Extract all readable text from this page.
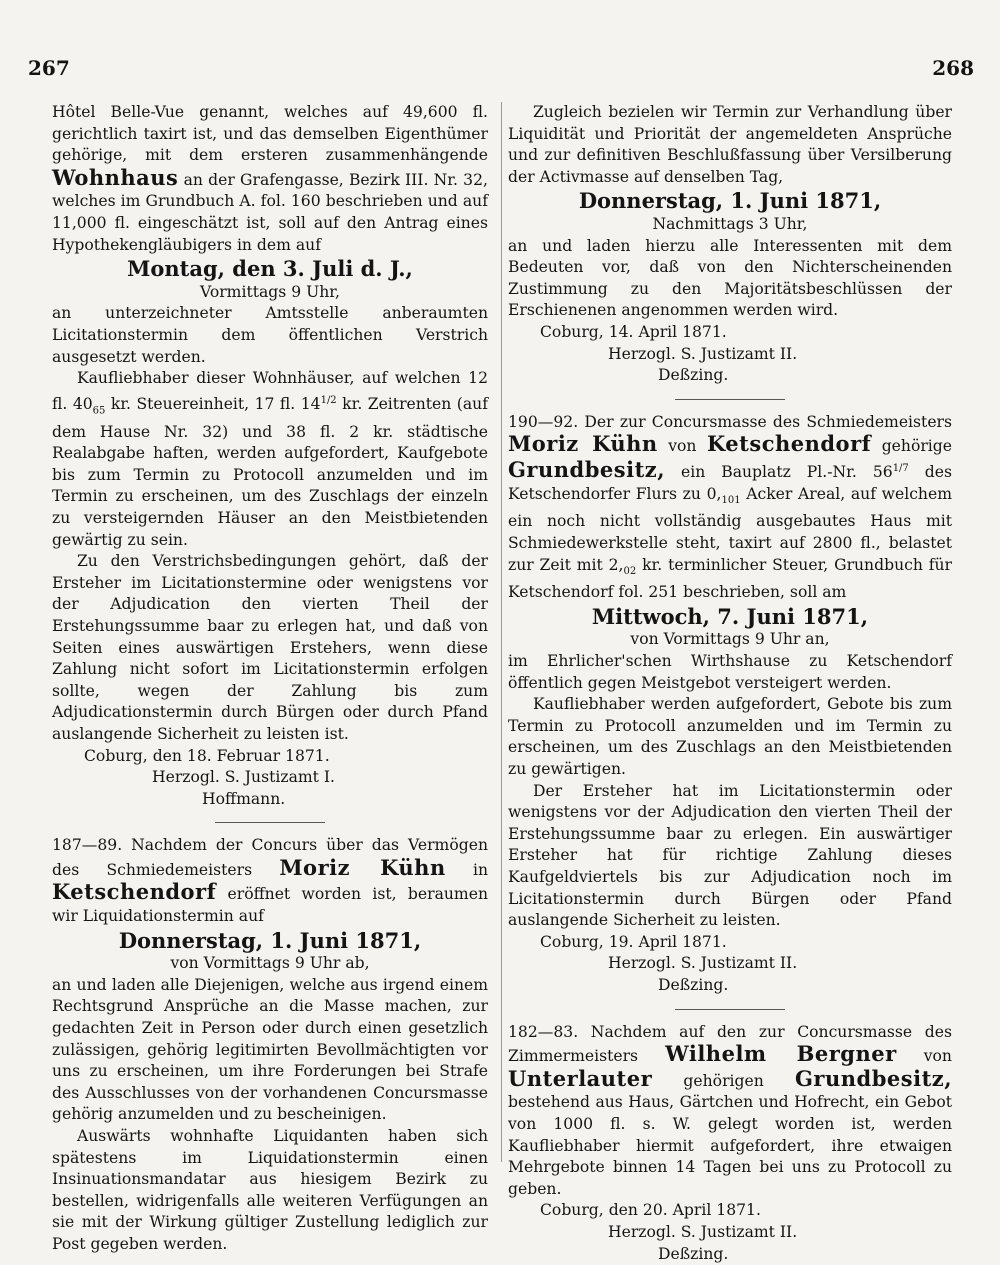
267	268

Hôtel Belle-Vue genannt, welches auf 49,600 fl. gerichtlich taxirt ist, und das demselben Eigenthümer gehörige, mit dem ersteren zusammenhängende Wohnhaus an der Grafengasse, Bezirk III. Nr. 32, welches im Grundbuch A. fol. 160 beschrieben und auf 11,000 fl. eingeschätzt ist, soll auf den Antrag eines Hypothekengläubigers in dem auf

Montag, den 3. Juli d. J.,

Vormittags 9 Uhr,

an unterzeichneter Amtsstelle anberaumten Licitationstermin dem öffentlichen Verstrich ausgesetzt werden.

Kaufliebhaber dieser Wohnhäuser, auf welchen 12 fl. $40_{65}$ kr. Steuereinheit, 17 fl. $14^{1/2}$ kr. Zeitrenten (auf dem Hause Nr. 32) und 38 fl. 2 kr. städtische Realabgabe haften, werden aufgefordert, Kaufgebote bis zum Termin zu Protocoll anzumelden und im Termin zu erscheinen, um des Zuschlags der einzeln zu versteigernden Häuser an den Meistbietenden gewärtig zu sein.

Zu den Verstrichsbedingungen gehört, daß der Ersteher im Licitationstermine oder wenigstens vor der Adjudication den vierten Theil der Erstehungssumme baar zu erlegen hat, und daß von Seiten eines auswärtigen Erstehers, wenn diese Zahlung nicht sofort im Licitationstermin erfolgen sollte, wegen der Zahlung bis zum Adjudicationstermin durch Bürgen oder durch Pfand auslangende Sicherheit zu leisten ist.

Coburg, den 18. Februar 1871.

Herzogl. S. Justizamt I.

Hoffmann.

187—89. Nachdem der Concurs über das Vermögen des Schmiedemeisters Moriz Kühn in Ketschendorf eröffnet worden ist, beraumen wir Liquidationstermin auf

Donnerstag, 1. Juni 1871,

von Vormittags 9 Uhr ab,

an und laden alle Diejenigen, welche aus irgend einem Rechtsgrund Ansprüche an die Masse machen, zur gedachten Zeit in Person oder durch einen gesetzlich zulässigen, gehörig legitimirten Bevollmächtigten vor uns zu erscheinen, um ihre Forderungen bei Strafe des Ausschlusses von der vorhandenen Concursmasse gehörig anzumelden und zu bescheinigen.

Auswärts wohnhafte Liquidanten haben sich spätestens im Liquidationstermin einen Insinuationsmandatar aus hiesigem Bezirk zu bestellen, widrigenfalls alle weiteren Verfügungen an sie mit der Wirkung gültiger Zustellung lediglich zur Post gegeben werden.

Zugleich bezielen wir Termin zur Verhandlung über Liquidität und Priorität der angemeldeten Ansprüche und zur definitiven Beschlußfassung über Versilberung der Activmasse auf denselben Tag,

Donnerstag, 1. Juni 1871,

Nachmittags 3 Uhr,

an und laden hierzu alle Interessenten mit dem Bedeuten vor, daß von den Nichterscheinenden Zustimmung zu den Majoritätsbeschlüssen der Erschienenen angenommen werden wird.

Coburg, 14. April 1871.

Herzogl. S. Justizamt II.

Deßzing.

190—92. Der zur Concursmasse des Schmiedemeisters Moriz Kühn von Ketschendorf gehörige Grundbesitz, ein Bauplatz Pl.-Nr. $56^{1/7}$ des Ketschendorfer Flurs zu $0,_{101}$ Acker Areal, auf welchem ein noch nicht vollständig ausgebautes Haus mit Schmiedewerkstelle steht, taxirt auf 2800 fl., belastet zur Zeit mit $2,_{02}$ kr. terminlicher Steuer, Grundbuch für Ketschendorf fol. 251 beschrieben, soll am

Mittwoch, 7. Juni 1871,

von Vormittags 9 Uhr an,

im Ehrlicher'schen Wirthshause zu Ketschendorf öffentlich gegen Meistgebot versteigert werden.

Kaufliebhaber werden aufgefordert, Gebote bis zum Termin zu Protocoll anzumelden und im Termin zu erscheinen, um des Zuschlags an den Meistbietenden zu gewärtigen.

Der Ersteher hat im Licitationstermin oder wenigstens vor der Adjudication den vierten Theil der Erstehungssumme baar zu erlegen. Ein auswärtiger Ersteher hat für richtige Zahlung dieses Kaufgeldviertels bis zur Adjudication noch im Licitationstermin durch Bürgen oder Pfand auslangende Sicherheit zu leisten.

Coburg, 19. April 1871.

Herzogl. S. Justizamt II.

Deßzing.

182—83. Nachdem auf den zur Concursmasse des Zimmermeisters Wilhelm Bergner von Unterlauter gehörigen Grundbesitz, bestehend aus Haus, Gärtchen und Hofrecht, ein Gebot von 1000 fl. s. W. gelegt worden ist, werden Kaufliebhaber hiermit aufgefordert, ihre etwaigen Mehrgebote binnen 14 Tagen bei uns zu Protocoll zu geben.

Coburg, den 20. April 1871.

Herzogl. S. Justizamt II.

Deßzing.
